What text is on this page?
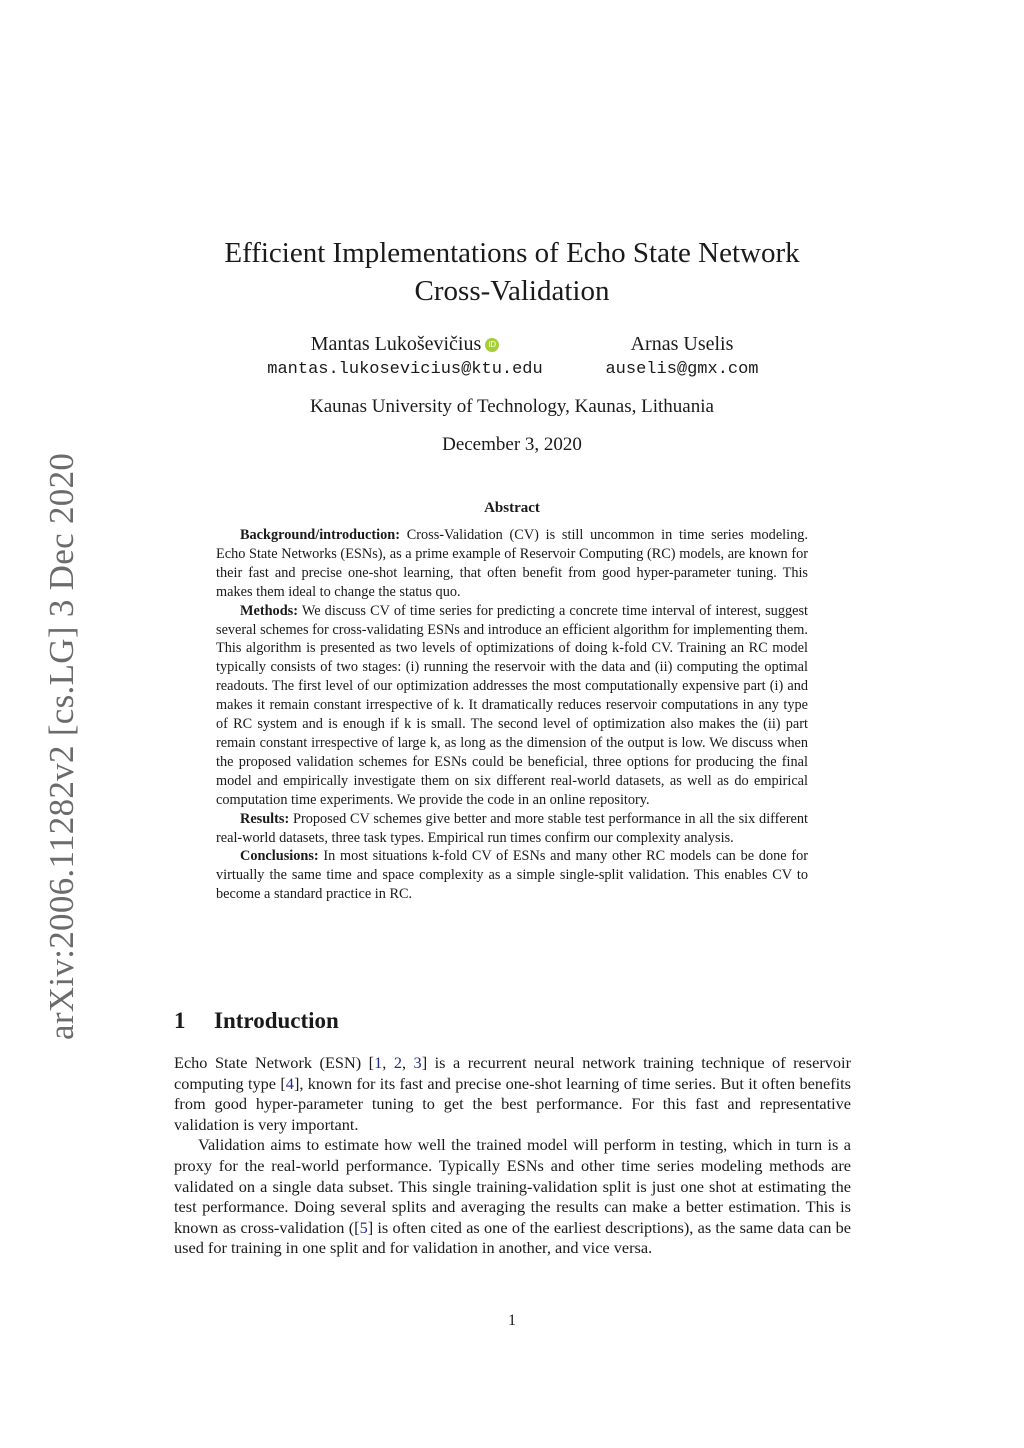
arXiv:2006.11282v2 [cs.LG] 3 Dec 2020
Efficient Implementations of Echo State Network
Cross-Validation
Mantas Lukoševičius iD
mantas.lukosevicius@ktu.edu
Arnas Uselis
auselis@gmx.com
Kaunas University of Technology, Kaunas, Lithuania
December 3, 2020
Abstract

Background/introduction: Cross-Validation (CV) is still uncommon in time series modeling. Echo State Networks (ESNs), as a prime example of Reservoir Computing (RC) models, are known for their fast and precise one-shot learning, that often benefit from good hyper-parameter tuning. This makes them ideal to change the status quo.

Methods: We discuss CV of time series for predicting a concrete time interval of interest, suggest several schemes for cross-validating ESNs and introduce an efficient algorithm for implementing them. This algorithm is presented as two levels of optimizations of doing k-fold CV. Training an RC model typically consists of two stages: (i) running the reservoir with the data and (ii) computing the optimal readouts. The first level of our optimization addresses the most computationally expensive part (i) and makes it remain constant irrespective of k. It dramatically reduces reservoir computations in any type of RC system and is enough if k is small. The second level of optimization also makes the (ii) part remain constant irrespective of large k, as long as the dimension of the output is low. We discuss when the proposed validation schemes for ESNs could be beneficial, three options for producing the final model and empirically investigate them on six different real-world datasets, as well as do empirical computation time experiments. We provide the code in an online repository.

Results: Proposed CV schemes give better and more stable test performance in all the six different real-world datasets, three task types. Empirical run times confirm our complexity analysis.

Conclusions: In most situations k-fold CV of ESNs and many other RC models can be done for virtually the same time and space complexity as a simple single-split validation. This enables CV to become a standard practice in RC.

1 Introduction

Echo State Network (ESN) [1, 2, 3] is a recurrent neural network training technique of reservoir computing type [4], known for its fast and precise one-shot learning of time series. But it often benefits from good hyper-parameter tuning to get the best performance. For this fast and representative validation is very important.

Validation aims to estimate how well the trained model will perform in testing, which in turn is a proxy for the real-world performance. Typically ESNs and other time series modeling methods are validated on a single data subset. This single training-validation split is just one shot at estimating the test performance. Doing several splits and averaging the results can make a better estimation. This is known as cross-validation ([5] is often cited as one of the earliest descriptions), as the same data can be used for training in one split and for validation in another, and vice versa.

1
